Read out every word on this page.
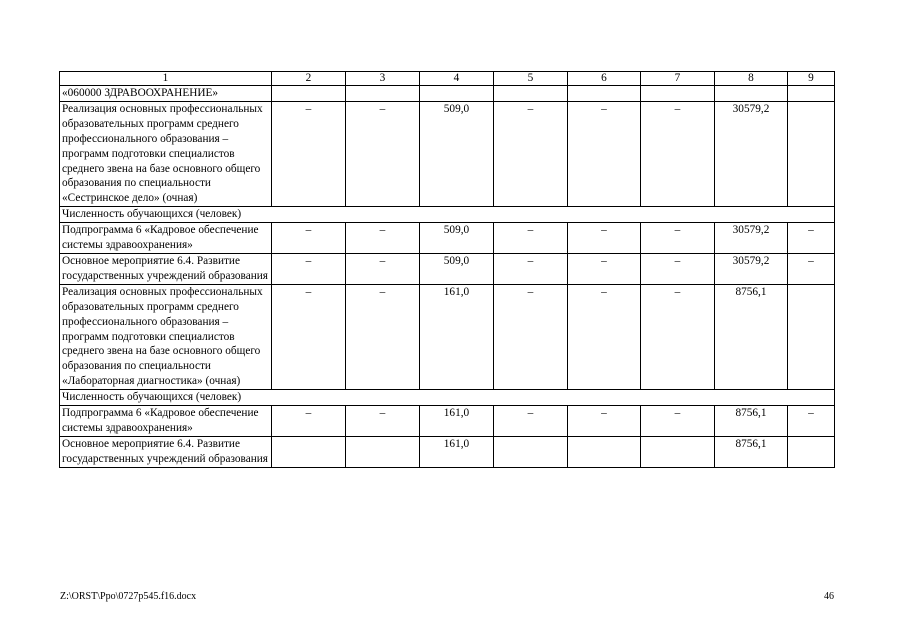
1	2	3	4	5	6	7	8	9
«060000 ЗДРАВООХРАНЕНИЕ»								
Реализация основных профессиональных образовательных программ среднего профессионального образования – программ подготовки специалистов среднего звена на базе основного общего образования по специальности «Сестринское дело» (очная)	–	–	509,0	–	–	–	30579,2	
Численность обучающихся (человек)								
Подпрограмма 6 «Кадровое обеспечение системы здравоохранения»	–	–	509,0	–	–	–	30579,2	–
Основное мероприятие 6.4. Развитие государственных учреждений образования	–	–	509,0	–	–	–	30579,2	–
Реализация основных профессиональных образовательных программ среднего профессионального образования – программ подготовки специалистов среднего звена на базе основного общего образования по специальности «Лабораторная диагностика» (очная)	–	–	161,0	–	–	–	8756,1	
Численность обучающихся (человек)								
Подпрограмма 6 «Кадровое обеспечение системы здравоохранения»	–	–	161,0	–	–	–	8756,1	–
Основное мероприятие 6.4. Развитие государственных учреждений образования			161,0				8756,1	
Z:\ORST\Ppo\0727p545.f16.docx	46
